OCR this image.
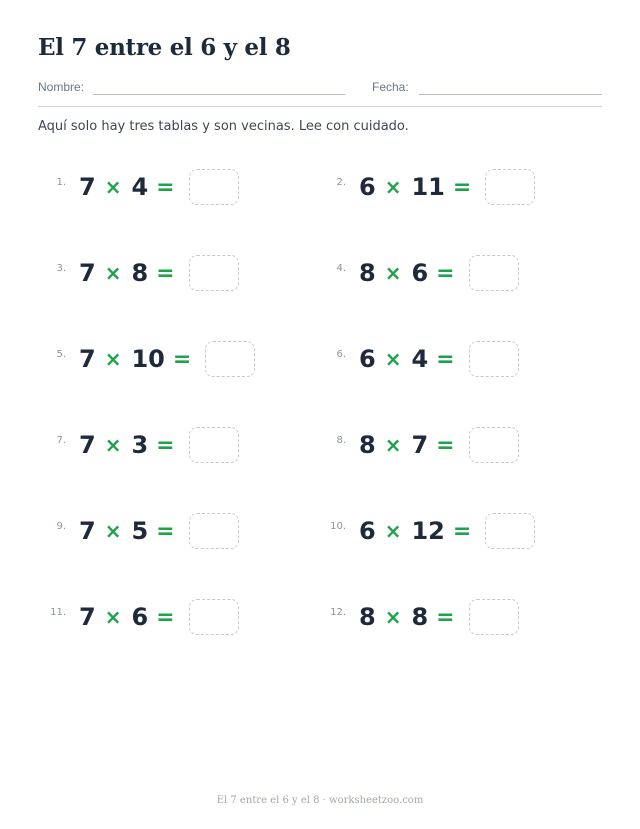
El 7 entre el 6 y el 8
Nombre:	Fecha:
Aquí solo hay tres tablas y son vecinas. Lee con cuidado.
1. 7 × 4 =	2. 6 × 11 =
3. 7 × 8 =	4. 8 × 6 =
5. 7 × 10 =	6. 6 × 4 =
7. 7 × 3 =	8. 8 × 7 =
9. 7 × 5 =	10. 6 × 12 =
11. 7 × 6 =	12. 8 × 8 =
El 7 entre el 6 y el 8 · worksheetzoo.com
